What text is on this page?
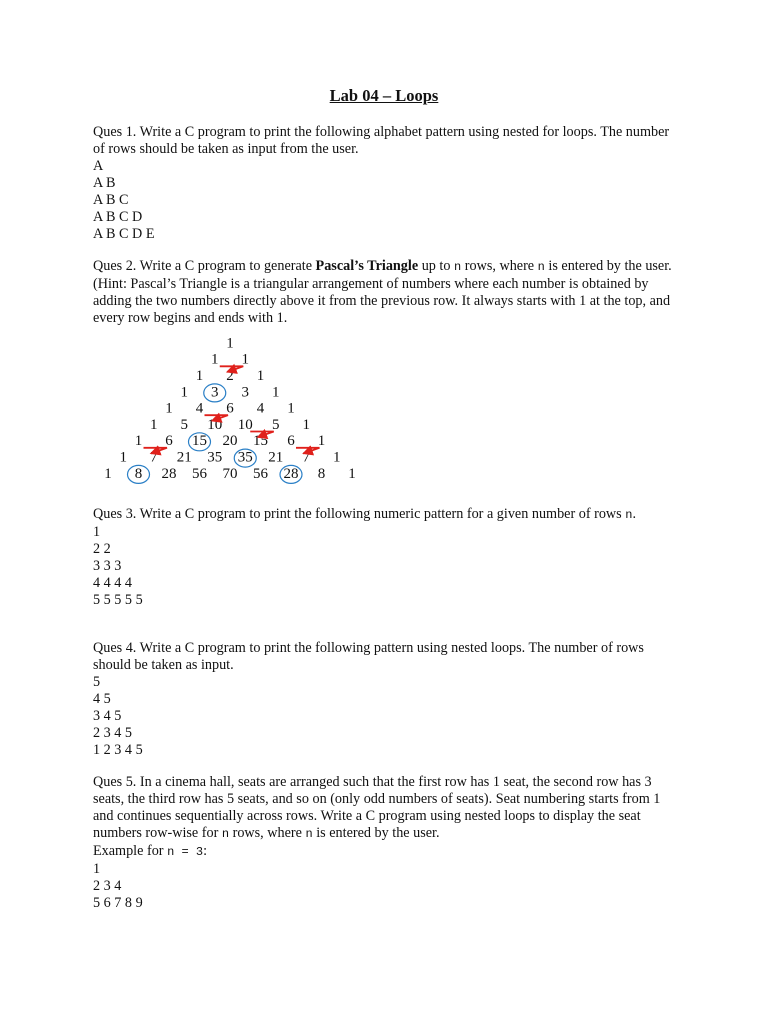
Lab 04 – Loops

Ques 1. Write a C program to print the following alphabet pattern using nested for loops. The number of rows should be taken as input from the user.

A
A B
A B C
A B C D
A B C D E

Ques 2. Write a C program to generate Pascal’s Triangle up to n rows, where n is entered by the user. (Hint: Pascal’s Triangle is a triangular arrangement of numbers where each number is obtained by adding the two numbers directly above it from the previous row. It always starts with 1 at the top, and every row begins and ends with 1.

1
1 1
1 2 1
1 3 3 1
1 4 6 4 1
1 5 10 10 5 1
1 6 15 20 15 6 1
1 7 21 35 35 21 7 1
1 8 28 56 70 56 28 8 1

Ques 3. Write a C program to print the following numeric pattern for a given number of rows n.

1
2 2
3 3 3
4 4 4 4
5 5 5 5 5

Ques 4. Write a C program to print the following pattern using nested loops. The number of rows should be taken as input.

5
4 5
3 4 5
2 3 4 5
1 2 3 4 5

Ques 5. In a cinema hall, seats are arranged such that the first row has 1 seat, the second row has 3 seats, the third row has 5 seats, and so on (only odd numbers of seats). Seat numbering starts from 1 and continues sequentially across rows. Write a C program using nested loops to display the seat numbers row-wise for n rows, where n is entered by the user.

Example for n = 3:

1
2 3 4
5 6 7 8 9
